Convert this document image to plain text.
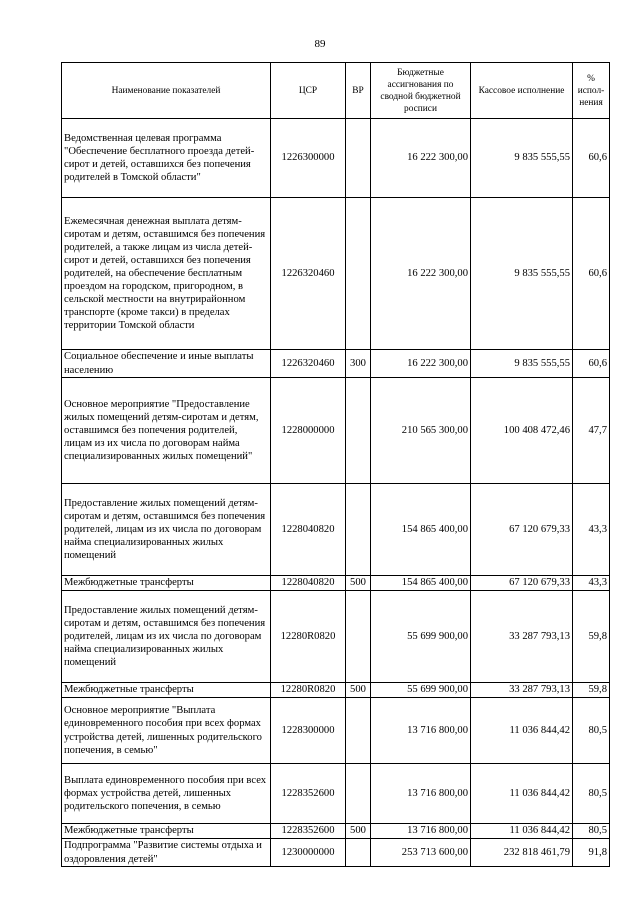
89
Наименование показателей	ЦСР	ВР	Бюджетные ассигнования по сводной бюджетной росписи	Кассовое исполнение	% испол-нения
Ведомственная целевая программа "Обеспечение бесплатного проезда детей-сирот и детей, оставшихся без попечения родителей в Томской области"	1226300000		16 222 300,00	9 835 555,55	60,6
Ежемесячная денежная выплата детям-сиротам и детям, оставшимся без попечения родителей, а также лицам из числа детей-сирот и детей, оставшихся без попечения родителей, на обеспечение бесплатным проездом на городском, пригородном, в сельской местности на внутрирайонном транспорте (кроме такси) в пределах территории Томской области	1226320460		16 222 300,00	9 835 555,55	60,6
Социальное обеспечение и иные выплаты населению	1226320460	300	16 222 300,00	9 835 555,55	60,6
Основное мероприятие "Предоставление жилых помещений детям-сиротам и детям, оставшимся без попечения родителей, лицам из их числа по договорам найма специализированных жилых помещений"	1228000000		210 565 300,00	100 408 472,46	47,7
Предоставление жилых помещений детям-сиротам и детям, оставшимся без попечения родителей, лицам из их числа по договорам найма специализированных жилых помещений	1228040820		154 865 400,00	67 120 679,33	43,3
Межбюджетные трансферты	1228040820	500	154 865 400,00	67 120 679,33	43,3
Предоставление жилых помещений детям-сиротам и детям, оставшимся без попечения родителей, лицам из их числа по договорам найма специализированных жилых помещений	12280R0820		55 699 900,00	33 287 793,13	59,8
Межбюджетные трансферты	12280R0820	500	55 699 900,00	33 287 793,13	59,8
Основное мероприятие "Выплата единовременного пособия при всех формах устройства детей, лишенных родительского попечения, в семью"	1228300000		13 716 800,00	11 036 844,42	80,5
Выплата единовременного пособия при всех формах устройства детей, лишенных родительского попечения, в семью	1228352600		13 716 800,00	11 036 844,42	80,5
Межбюджетные трансферты	1228352600	500	13 716 800,00	11 036 844,42	80,5
Подпрограмма "Развитие системы отдыха и оздоровления детей"	1230000000		253 713 600,00	232 818 461,79	91,8
